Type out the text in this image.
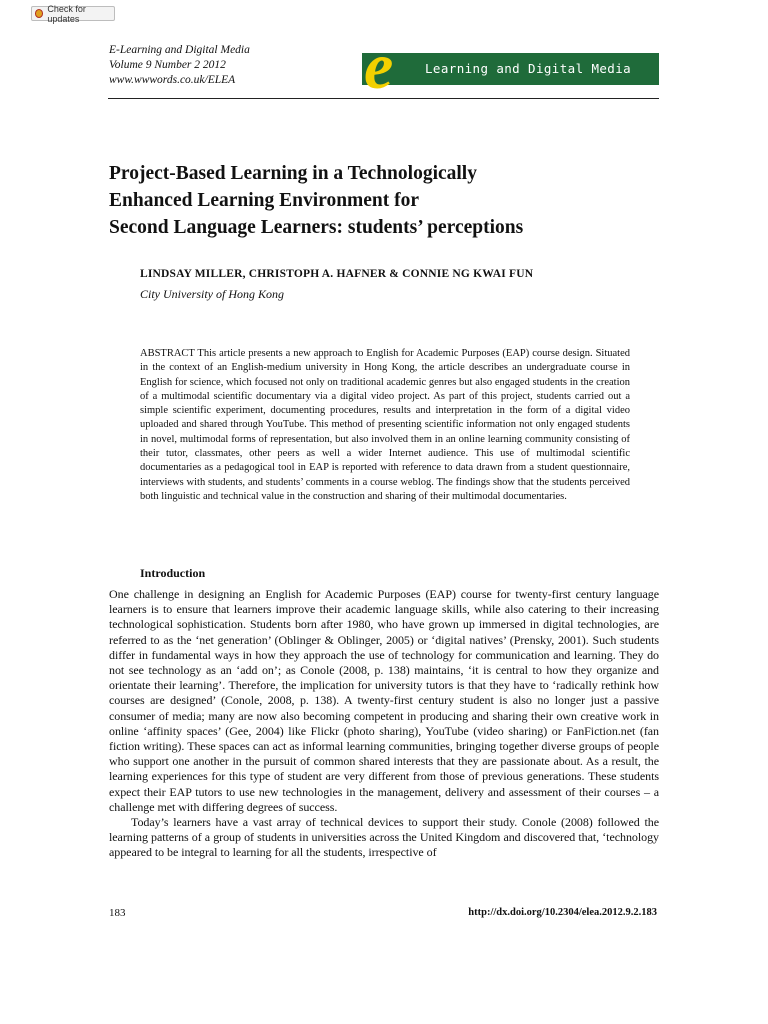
Check for updates
E-Learning and Digital Media
Volume 9 Number 2 2012
www.wwwords.co.uk/ELEA e	Learning and Digital Media
Project-Based Learning in a Technologically
Enhanced Learning Environment for
Second Language Learners: students’ perceptions
LINDSAY MILLER, CHRISTOPH A. HAFNER & CONNIE NG KWAI FUN
City University of Hong Kong
ABSTRACT This article presents a new approach to English for Academic Purposes (EAP) course design. Situated in the context of an English-medium university in Hong Kong, the article describes an undergraduate course in English for science, which focused not only on traditional academic genres but also engaged students in the creation of a multimodal scientific documentary via a digital video project. As part of this project, students carried out a simple scientific experiment, documenting procedures, results and interpretation in the form of a digital video uploaded and shared through YouTube. This method of presenting scientific information not only engaged students in novel, multimodal forms of representation, but also involved them in an online learning community consisting of their tutor, classmates, other peers as well a wider Internet audience. This use of multimodal scientific documentaries as a pedagogical tool in EAP is reported with reference to data drawn from a student questionnaire, interviews with students, and students’ comments in a course weblog. The findings show that the students perceived both linguistic and technical value in the construction and sharing of their multimodal documentaries.
Introduction

One challenge in designing an English for Academic Purposes (EAP) course for twenty-first century language learners is to ensure that learners improve their academic language skills, while also catering to their increasing technological sophistication. Students born after 1980, who have grown up immersed in digital technologies, are referred to as the ‘net generation’ (Oblinger & Oblinger, 2005) or ‘digital natives’ (Prensky, 2001). Such students differ in fundamental ways in how they approach the use of technology for communication and learning. They do not see technology as an ‘add on’; as Conole (2008, p. 138) maintains, ‘it is central to how they organize and orientate their learning’. Therefore, the implication for university tutors is that they have to ‘radically rethink how courses are designed’ (Conole, 2008, p. 138). A twenty-first century student is also no longer just a passive consumer of media; many are now also becoming competent in producing and sharing their own creative work in online ‘affinity spaces’ (Gee, 2004) like Flickr (photo sharing), YouTube (video sharing) or FanFiction.net (fan fiction writing). These spaces can act as informal learning communities, bringing together diverse groups of people who support one another in the pursuit of common shared interests that they are passionate about. As a result, the learning experiences for this type of student are very different from those of previous generations. These students expect their EAP tutors to use new technologies in the management, delivery and assessment of their courses – a challenge met with differing degrees of success.

Today’s learners have a vast array of technical devices to support their study. Conole (2008) followed the learning patterns of a group of students in universities across the United Kingdom and discovered that, ‘technology appeared to be integral to learning for all the students, irrespective of

183	http://dx.doi.org/10.2304/elea.2012.9.2.183
